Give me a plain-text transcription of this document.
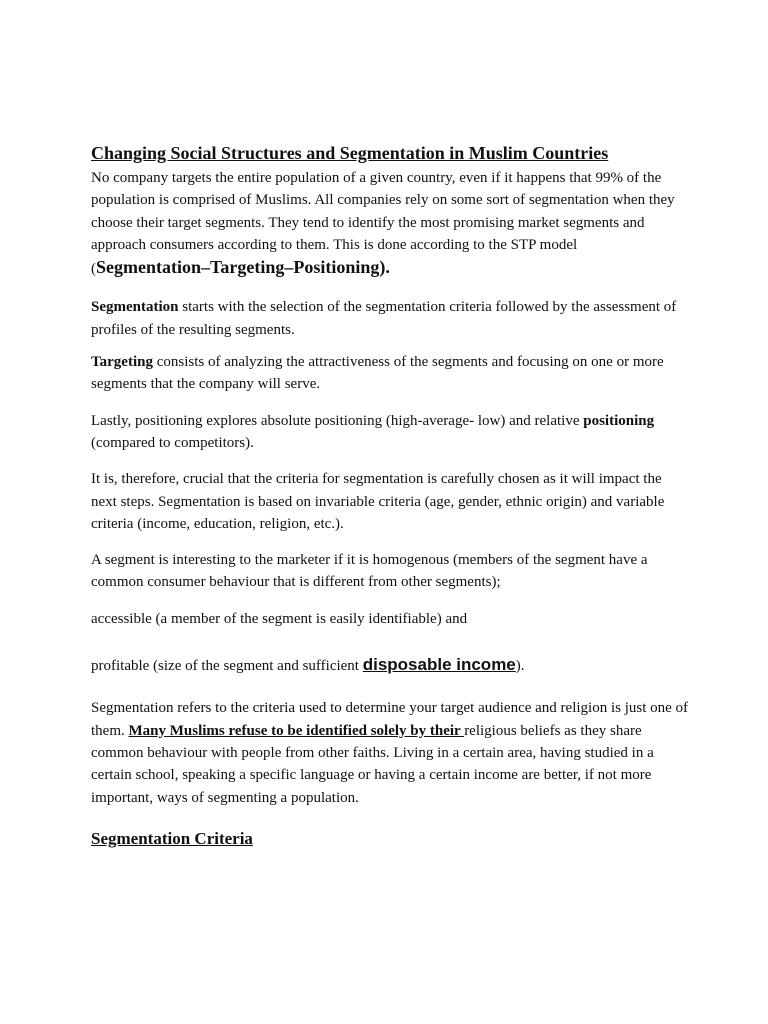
Changing Social Structures and Segmentation in Muslim Countries

No company targets the entire population of a given country, even if it happens that 99% of the population is comprised of Muslims. All companies rely on some sort of segmentation when they choose their target segments. They tend to identify the most promising market segments and approach consumers according to them. This is done according to the STP model (Segmentation–Targeting–Positioning).

Segmentation starts with the selection of the segmentation criteria followed by the assessment of profiles of the resulting segments.

Targeting consists of analyzing the attractiveness of the segments and focusing on one or more segments that the company will serve.

Lastly, positioning explores absolute positioning (high-average- low) and relative positioning (compared to competitors).

It is, therefore, crucial that the criteria for segmentation is carefully chosen as it will impact the next steps. Segmentation is based on invariable criteria (age, gender, ethnic origin) and variable criteria (income, education, religion, etc.).

A segment is interesting to the marketer if it is homogenous (members of the segment have a common consumer behaviour that is different from other segments);

accessible (a member of the segment is easily identifiable) and

profitable (size of the segment and sufficient disposable income).

Segmentation refers to the criteria used to determine your target audience and religion is just one of them. Many Muslims refuse to be identified solely by their religious beliefs as they share common behaviour with people from other faiths. Living in a certain area, having studied in a certain school, speaking a specific language or having a certain income are better, if not more important, ways of segmenting a population.

Segmentation Criteria
